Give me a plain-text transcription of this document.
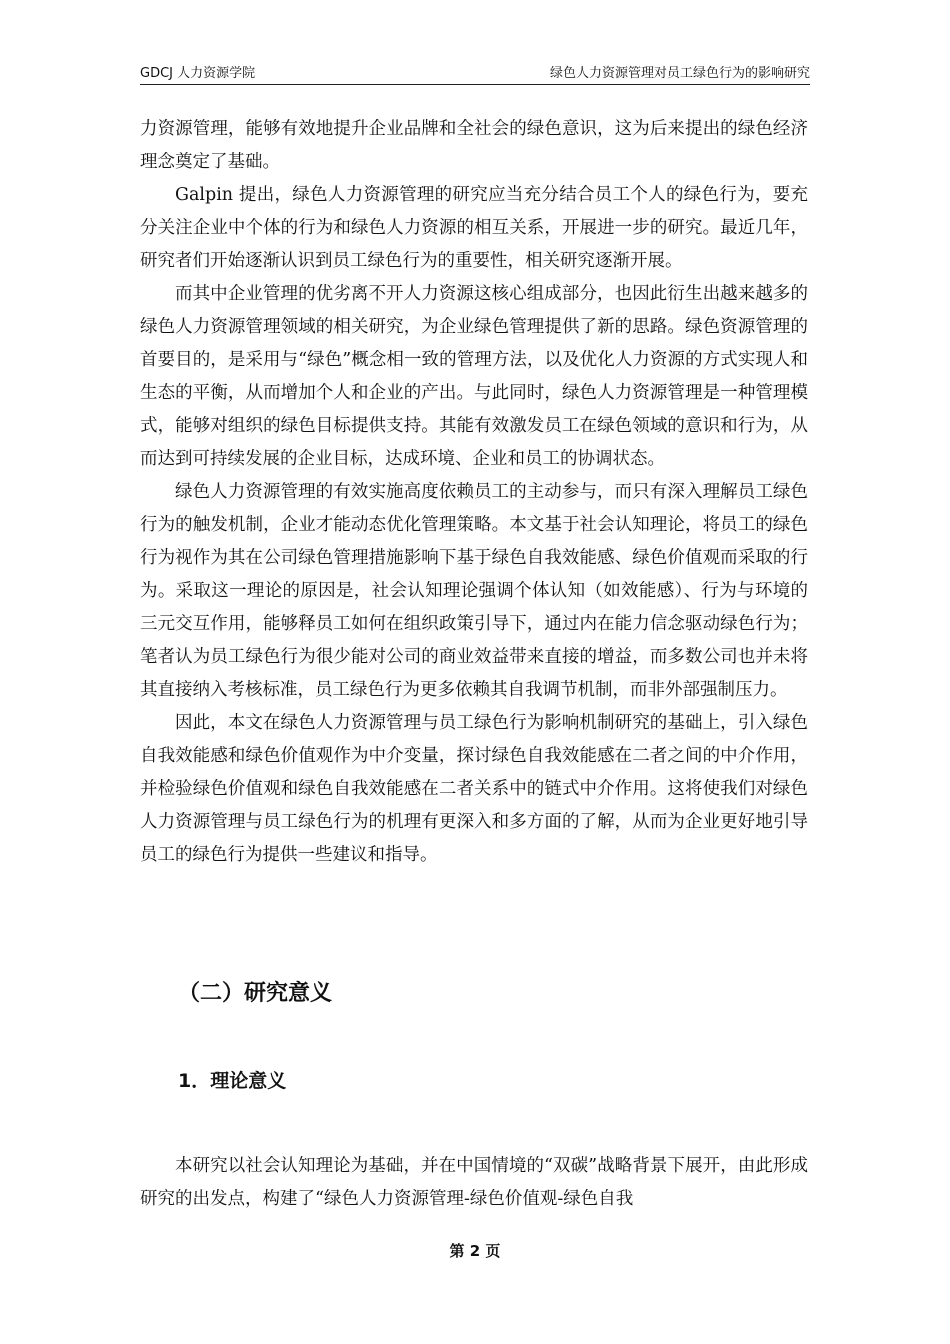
GDCJ 人力资源学院	绿色人力资源管理对员工绿色行为的影响研究

力资源管理，能够有效地提升企业品牌和全社会的绿色意识，这为后来提出的绿色经济理念奠定了基础。

Galpin 提出，绿色人力资源管理的研究应当充分结合员工个人的绿色行为，要充分关注企业中个体的行为和绿色人力资源的相互关系，开展进一步的研究。最近几年，研究者们开始逐渐认识到员工绿色行为的重要性，相关研究逐渐开展。

而其中企业管理的优劣离不开人力资源这核心组成部分，也因此衍生出越来越多的绿色人力资源管理领域的相关研究，为企业绿色管理提供了新的思路。绿色资源管理的首要目的，是采用与“绿色”概念相一致的管理方法，以及优化人力资源的方式实现人和生态的平衡，从而增加个人和企业的产出。与此同时，绿色人力资源管理是一种管理模式，能够对组织的绿色目标提供支持。其能有效激发员工在绿色领域的意识和行为，从而达到可持续发展的企业目标，达成环境、企业和员工的协调状态。

绿色人力资源管理的有效实施高度依赖员工的主动参与，而只有深入理解员工绿色行为的触发机制，企业才能动态优化管理策略。本文基于社会认知理论，将员工的绿色行为视作为其在公司绿色管理措施影响下基于绿色自我效能感、绿色价值观而采取的行为。采取这一理论的原因是，社会认知理论强调个体认知（如效能感）、行为与环境的三元交互作用，能够释员工如何在组织政策引导下，通过内在能力信念驱动绿色行为；笔者认为员工绿色行为很少能对公司的商业效益带来直接的增益，而多数公司也并未将其直接纳入考核标准，员工绿色行为更多依赖其自我调节机制，而非外部强制压力。

因此，本文在绿色人力资源管理与员工绿色行为影响机制研究的基础上，引入绿色自我效能感和绿色价值观作为中介变量，探讨绿色自我效能感在二者之间的中介作用，并检验绿色价值观和绿色自我效能感在二者关系中的链式中介作用。这将使我们对绿色人力资源管理与员工绿色行为的机理有更深入和多方面的了解，从而为企业更好地引导员工的绿色行为提供一些建议和指导。

（二）研究意义
1．理论意义

本研究以社会认知理论为基础，并在中国情境的“双碳”战略背景下展开，由此形成研究的出发点，构建了“绿色人力资源管理-绿色价值观-绿色自我

第 2 页
